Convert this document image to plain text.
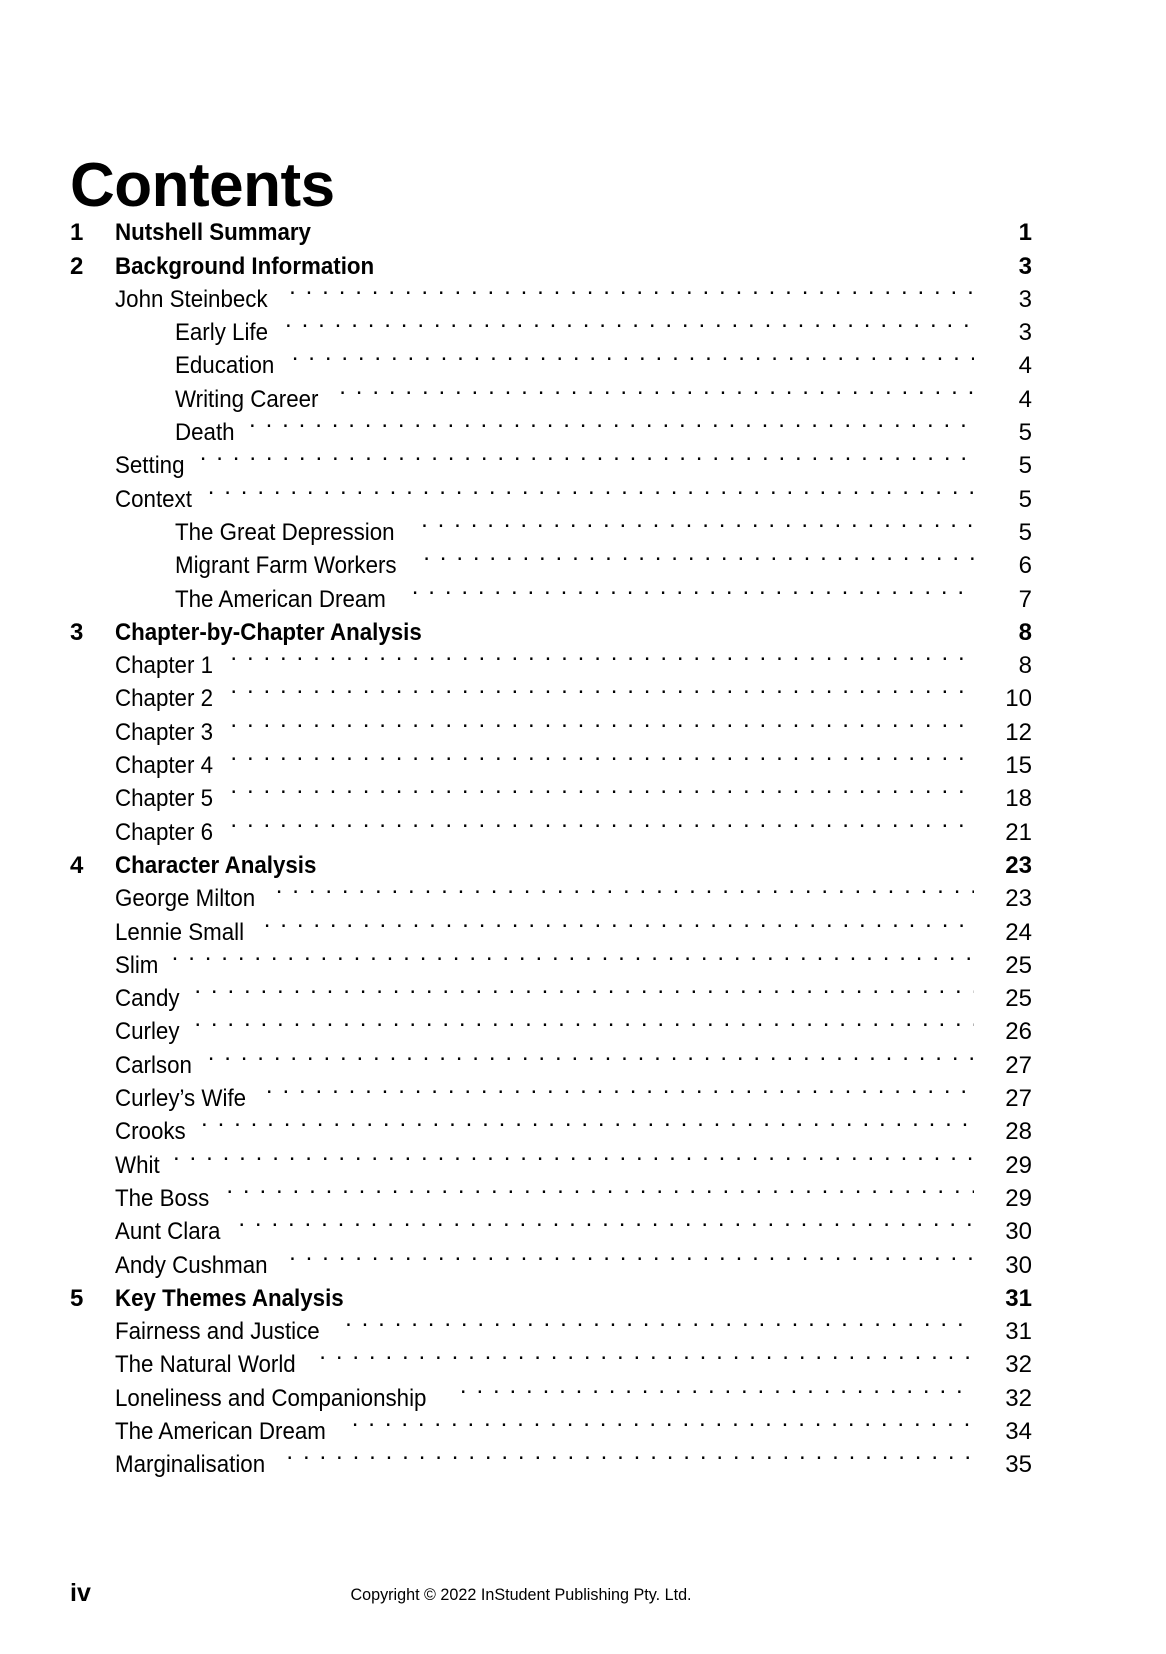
Contents
1	Nutshell Summary	1
2	Background Information	3
John Steinbeck . . .	3
Early Life . . .	3
Education . . .	4
Writing Career . . .	4
Death . . .	5
Setting . . .	5
Context . . .	5
The Great Depression . . .	5
Migrant Farm Workers . . .	6
The American Dream . . .	7
3	Chapter-by-Chapter Analysis	8
Chapter 1 . . .	8
Chapter 2 . . .	10
Chapter 3 . . .	12
Chapter 4 . . .	15
Chapter 5 . . .	18
Chapter 6 . . .	21
4	Character Analysis	23
George Milton . . .	23
Lennie Small . . .	24
Slim . . .	25
Candy . . .	25
Curley . . .	26
Carlson . . .	27
Curley’s Wife . . .	27
Crooks . . .	28
Whit . . .	29
The Boss . . .	29
Aunt Clara . . .	30
Andy Cushman . . .	30
5	Key Themes Analysis	31
Fairness and Justice . . .	31
The Natural World . . .	32
Loneliness and Companionship . . .	32
The American Dream . . .	34
Marginalisation . . .	35
iv	Copyright © 2022 InStudent Publishing Pty. Ltd.
